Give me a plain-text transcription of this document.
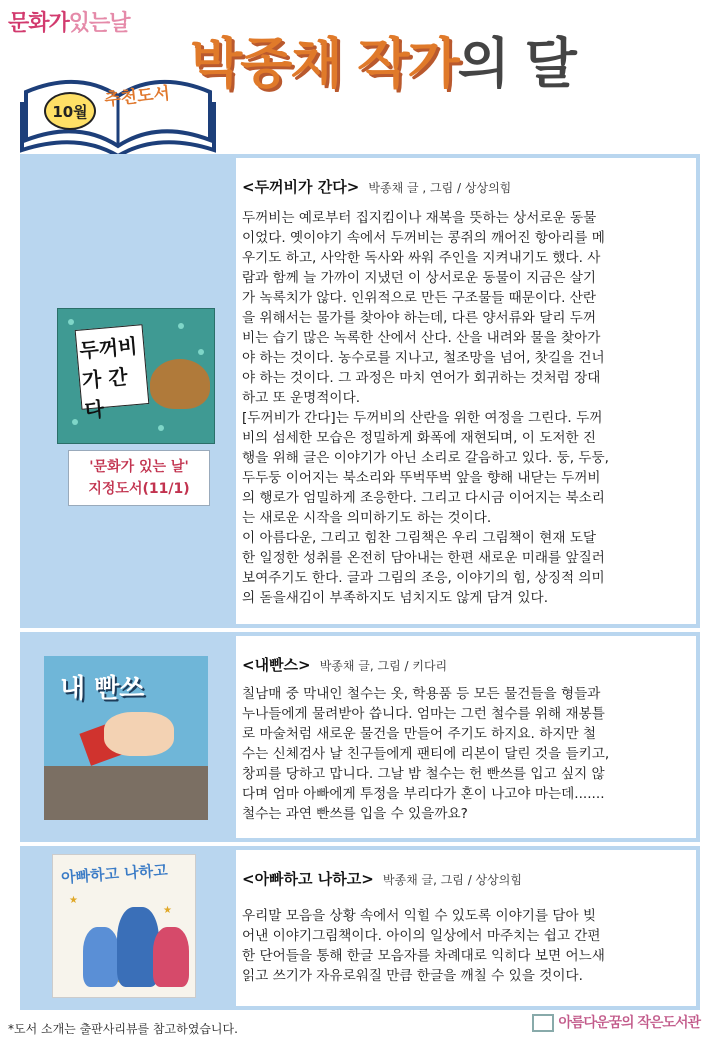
문화가있는날
10월
추천도서
박종채 작가의 달
두꺼비가 간다
'문화가 있는 날'
지정도서(11/1)
<두꺼비가 간다> 박종채 글 , 그림 / 상상의힘
두꺼비는 예로부터 집지킴이나 재복을 뜻하는 상서로운 동물
이었다. 옛이야기 속에서 두꺼비는 콩쥐의 깨어진 항아리를 메
우기도 하고, 사악한 독사와 싸워 주인을 지켜내기도 했다. 사
람과 함께 늘 가까이 지냈던 이 상서로운 동물이 지금은 살기
가 녹록치가 않다. 인위적으로 만든 구조물들 때문이다. 산란
을 위해서는 물가를 찾아야 하는데, 다른 양서류와 달리 두꺼
비는 습기 많은 녹록한 산에서 산다. 산을 내려와 물을 찾아가
야 하는 것이다. 농수로를 지나고, 철조망을 넘어, 찻길을 건너
야 하는 것이다. 그 과정은 마치 연어가 회귀하는 것처럼 장대
하고 또 운명적이다.
[두꺼비가 간다]는 두꺼비의 산란을 위한 여정을 그린다. 두꺼
비의 섬세한 모습은 정밀하게 화폭에 재현되며, 이 도저한 진
행을 위해 글은 이야기가 아닌 소리로 갈음하고 있다. 둥, 두둥,
두두둥 이어지는 북소리와 뚜벅뚜벅 앞을 향해 내닫는 두꺼비
의 행로가 엄밀하게 조응한다. 그리고 다시금 이어지는 북소리
는 새로운 시작을 의미하기도 하는 것이다.
이 아름다운, 그리고 힘찬 그림책은 우리 그림책이 현재 도달
한 일정한 성취를 온전히 담아내는 한편 새로운 미래를 앞질러
보여주기도 한다. 글과 그림의 조응, 이야기의 힘, 상징적 의미
의 돋을새김이 부족하지도 넘치지도 않게 담겨 있다.
내 빤쓰
<내빤스> 박종채 글, 그림 / 키다리
칠남매 중 막내인 철수는 옷, 학용품 등 모든 물건들을 형들과
누나들에게 물려받아 씁니다. 엄마는 그런 철수를 위해 재봉틀
로 마술처럼 새로운 물건을 만들어 주기도 하지요. 하지만 철
수는 신체검사 날 친구들에게 팬티에 리본이 달린 것을 들키고,
창피를 당하고 맙니다. 그날 밤 철수는 헌 빤쓰를 입고 싶지 않
다며 엄마 아빠에게 투정을 부리다가 혼이 나고야 마는데.......
철수는 과연 빤쓰를 입을 수 있을까요?
아빠하고 나하고
★
★
<아빠하고 나하고> 박종채 글, 그림 / 상상의힘
우리말 모음을 상황 속에서 익힐 수 있도록 이야기를 담아 빚
어낸 이야기그림책이다. 아이의 일상에서 마주치는 쉽고 간편
한 단어들을 통해 한글 모음자를 차례대로 익히다 보면 어느새
읽고 쓰기가 자유로워질 만큼 한글을 깨칠 수 있을 것이다.
*도서 소개는 출판사리뷰를 참고하였습니다.	아름다운꿈의 작은도서관
